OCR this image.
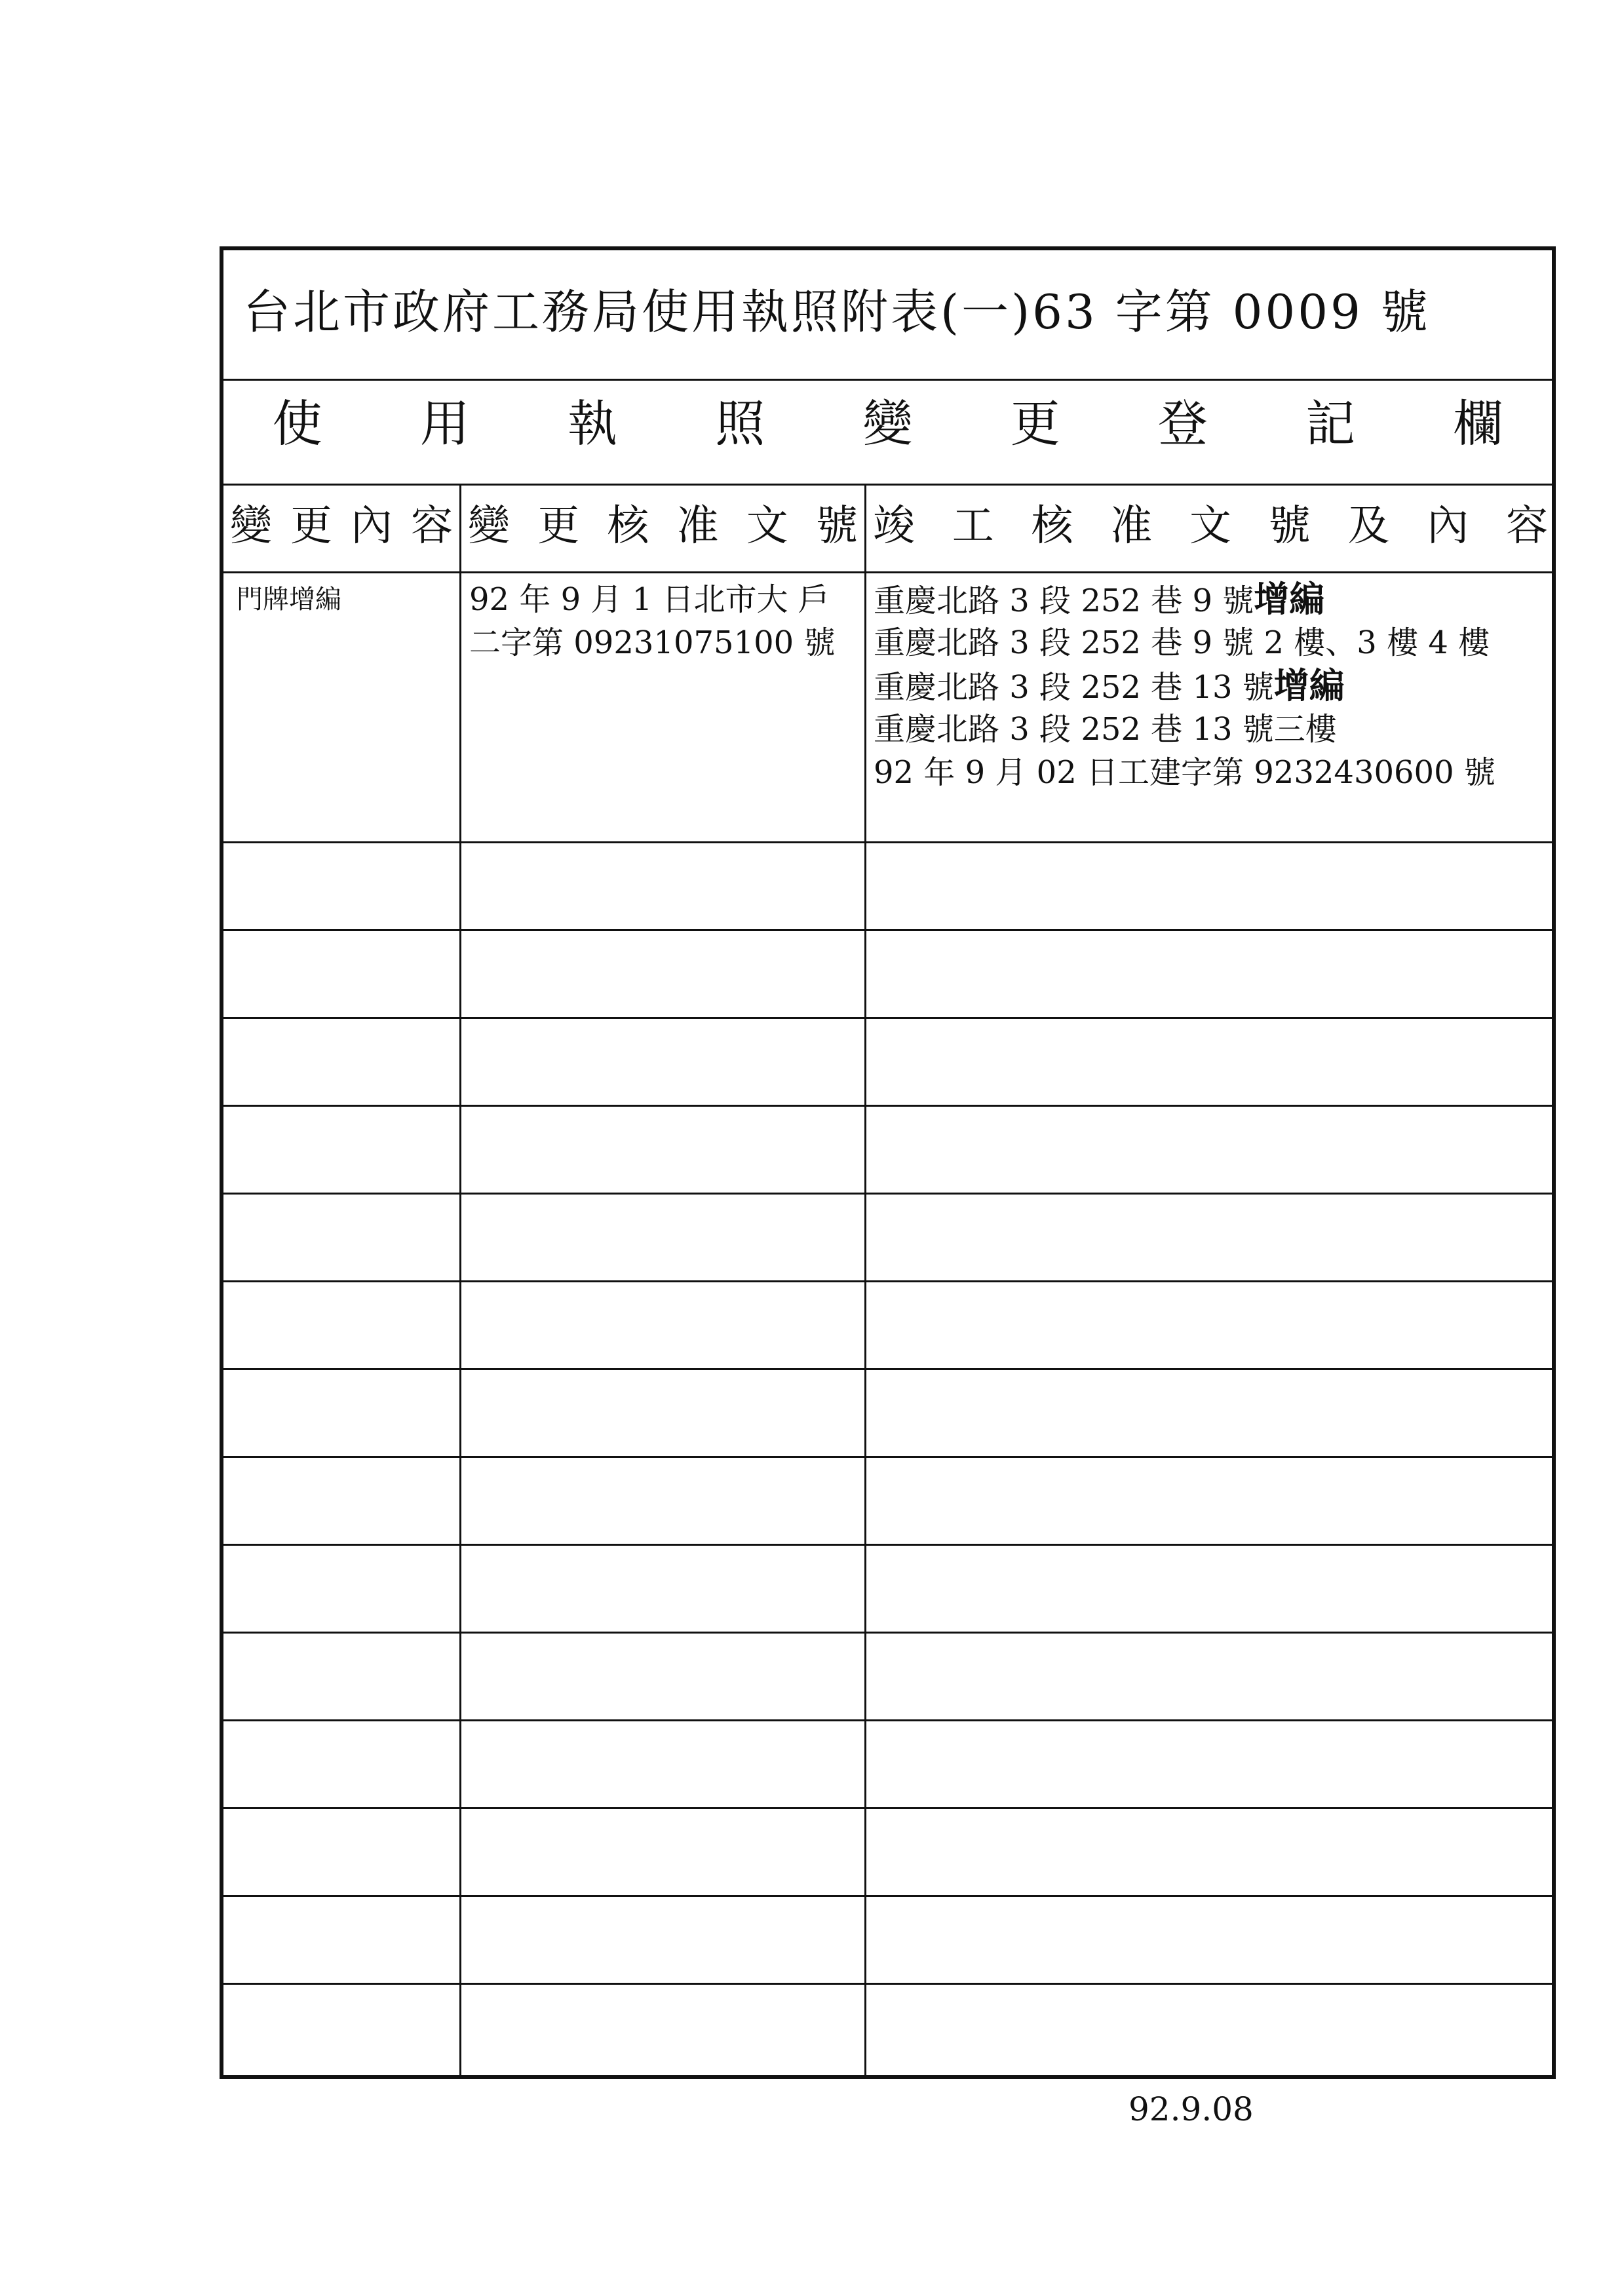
台北市政府工務局使用執照附表(一)63 字第 0009 號
使 用 執 照 變 更 登 記 欄
變 更 內 容 變 更 核 准 文 號 竣 工 核 准 文 號 及 內 容
門牌增編	92 年 9 月 1 日北市大 戶
二字第 09231075100 號
重慶北路 3 段 252 巷 9 號增編
重慶北路 3 段 252 巷 9 號 2 樓、3 樓 4 樓
重慶北路 3 段 252 巷 13 號增編
重慶北路 3 段 252 巷 13 號三樓
92 年 9 月 02 日工建字第 9232430600 號
92.9.08
